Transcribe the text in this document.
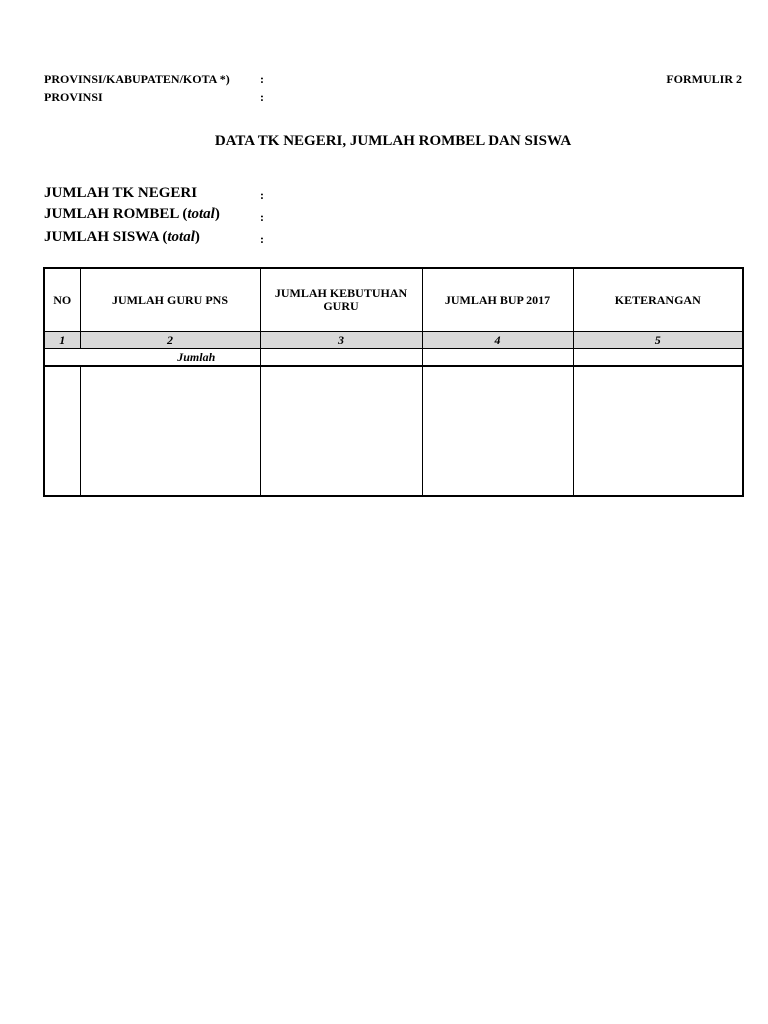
PROVINSI/KABUPATEN/KOTA *)	:
PROVINSI	:
FORMULIR 2
DATA TK NEGERI, JUMLAH ROMBEL DAN SISWA
JUMLAH TK NEGERI	:
JUMLAH ROMBEL (total)	:
JUMLAH SISWA (total)	:
NO	JUMLAH GURU PNS	JUMLAH KEBUTUHAN GURU	JUMLAH BUP 2017	KETERANGAN
1	2	3	4	5
Jumlah				
